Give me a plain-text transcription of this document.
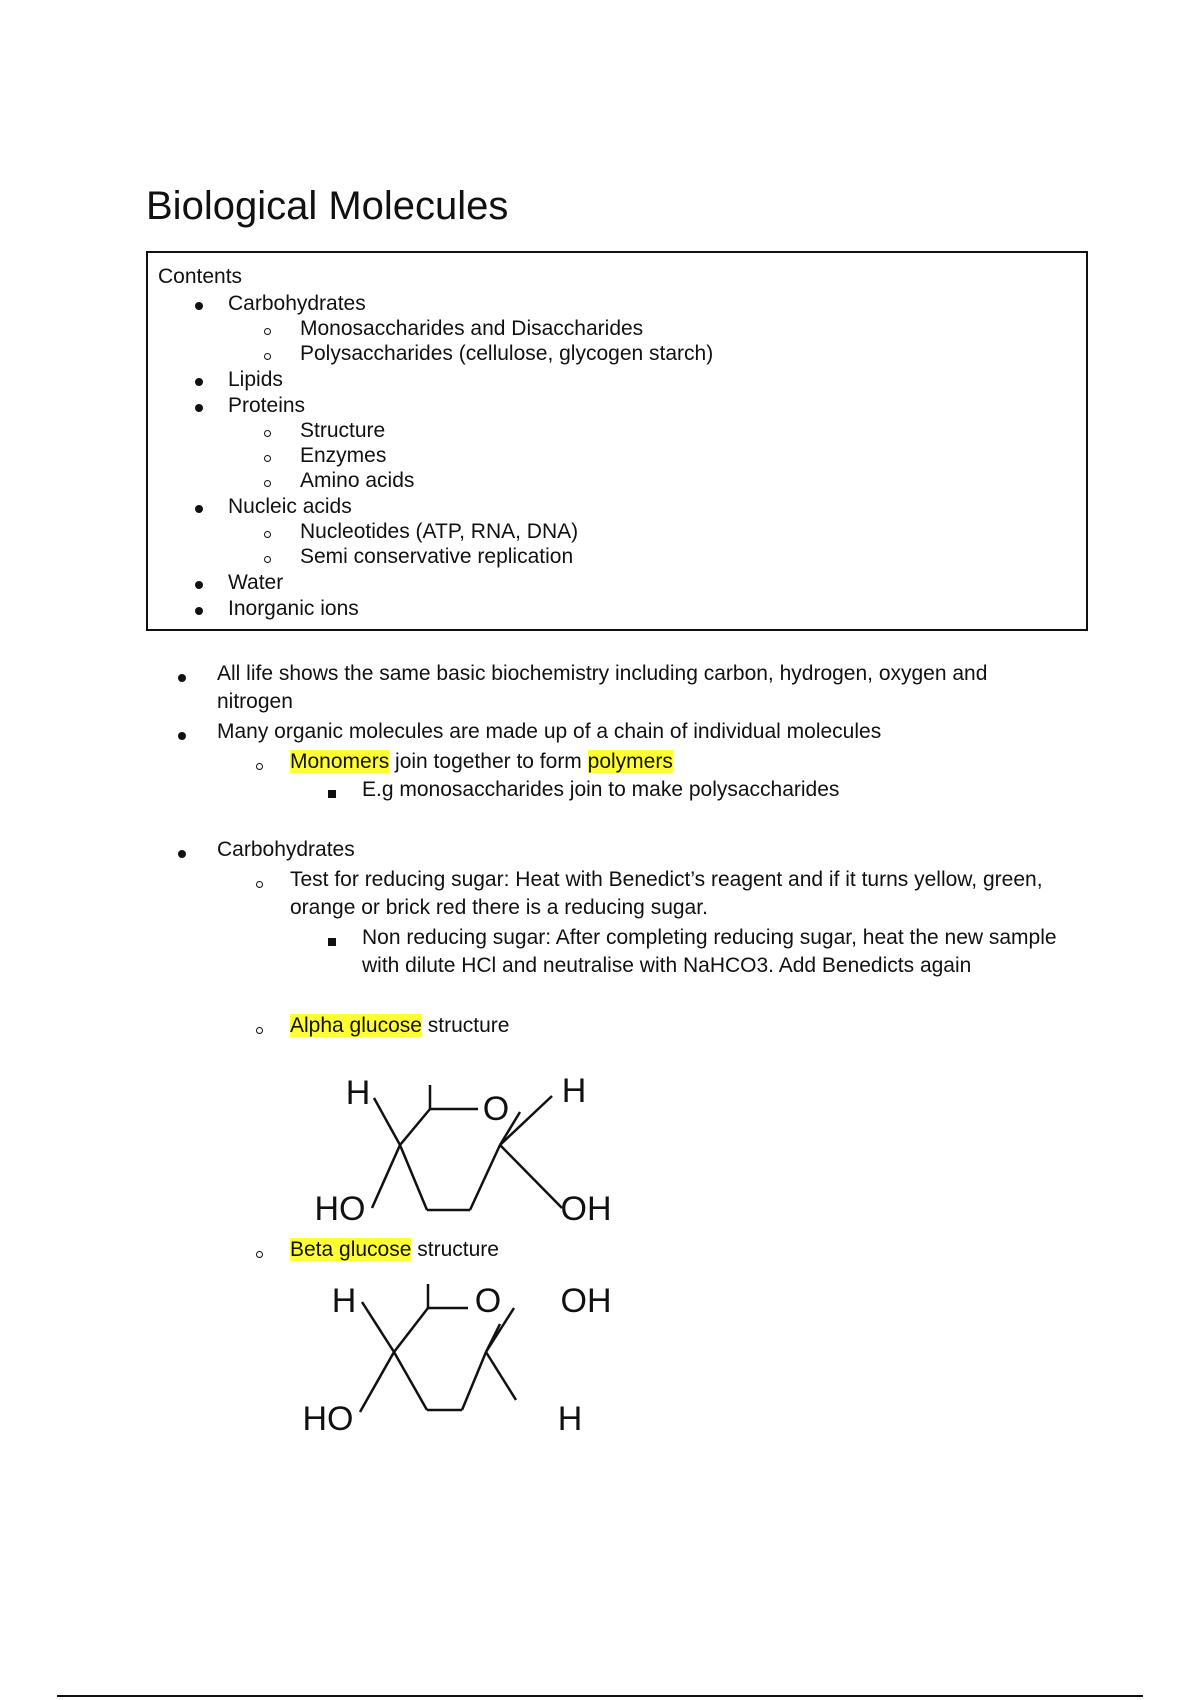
Biological Molecules
Contents
Carbohydrates
Monosaccharides and Disaccharides
Polysaccharides (cellulose, glycogen starch)
Lipids
Proteins
Structure
Enzymes
Amino acids
Nucleic acids
Nucleotides (ATP, RNA, DNA)
Semi conservative replication
Water
Inorganic ions
All life shows the same basic biochemistry including carbon, hydrogen, oxygen and nitrogen
Many organic molecules are made up of a chain of individual molecules
Monomers join together to form polymers
E.g monosaccharides join to make polysaccharides
Carbohydrates
Test for reducing sugar: Heat with Benedict’s reagent and if it turns yellow, green, orange or brick red there is a reducing sugar.
Non reducing sugar: After completing reducing sugar, heat the new sample with dilute HCl and neutralise with NaHCO3. Add Benedicts again
Alpha glucose structure
Beta glucose structure
H	O H
HO	OH
H	O OH
HO	H
